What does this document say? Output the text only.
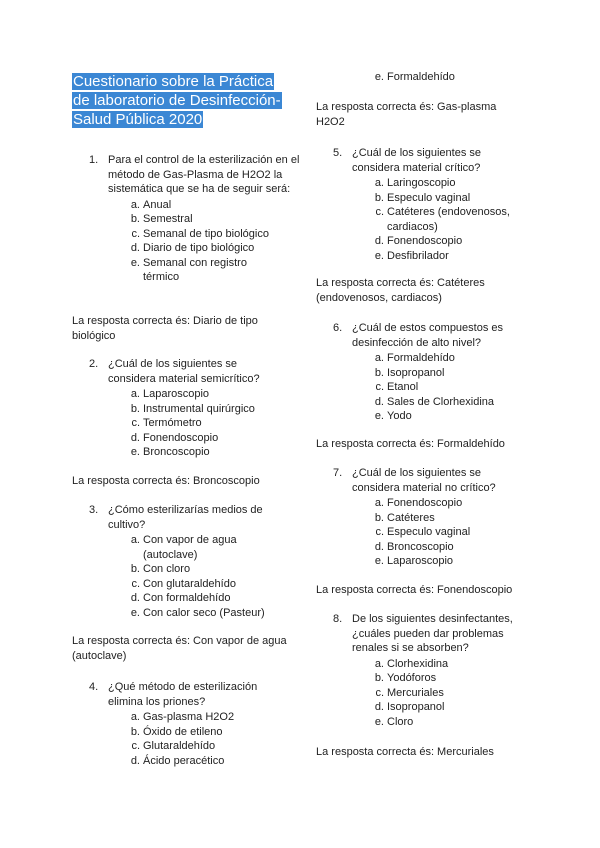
Cuestionario sobre la Práctica de laboratorio de Desinfección-Salud Pública 2020
1. Para el control de la esterilización en el método de Gas-Plasma de H2O2 la sistemática que se ha de seguir será:
a. Anual
b. Semestral
c. Semanal de tipo biológico
d. Diario de tipo biológico
e. Semanal con registro térmico
La resposta correcta és: Diario de tipo biológico
2. ¿Cuál de los siguientes se considera material semicrítico?
a. Laparoscopio
b. Instrumental quirúrgico
c. Termómetro
d. Fonendoscopio
e. Broncoscopio
La resposta correcta és: Broncoscopio
3. ¿Cómo esterilizarías medios de cultivo?
a. Con vapor de agua (autoclave)
b. Con cloro
c. Con glutaraldehído
d. Con formaldehído
e. Con calor seco (Pasteur)
La resposta correcta és: Con vapor de agua (autoclave)
4. ¿Qué método de esterilización elimina los priones?
a. Gas-plasma H2O2
b. Óxido de etileno
c. Glutaraldehído
d. Ácido peracético
e. Formaldehído
La resposta correcta és: Gas-plasma H2O2
5. ¿Cuál de los siguientes se considera material crítico?
a. Laringoscopio
b. Especulo vaginal
c. Catéteres (endovenosos, cardiacos)
d. Fonendoscopio
e. Desfibrilador
La resposta correcta és: Catéteres (endovenosos, cardiacos)
6. ¿Cuál de estos compuestos es desinfección de alto nivel?
a. Formaldehído
b. Isopropanol
c. Etanol
d. Sales de Clorhexidina
e. Yodo
La resposta correcta és: Formaldehído
7. ¿Cuál de los siguientes se considera material no crítico?
a. Fonendoscopio
b. Catéteres
c. Especulo vaginal
d. Broncoscopio
e. Laparoscopio
La resposta correcta és: Fonendoscopio
8. De los siguientes desinfectantes, ¿cuáles pueden dar problemas renales si se absorben?
a. Clorhexidina
b. Yodóforos
c. Mercuriales
d. Isopropanol
e. Cloro
La resposta correcta és: Mercuriales
